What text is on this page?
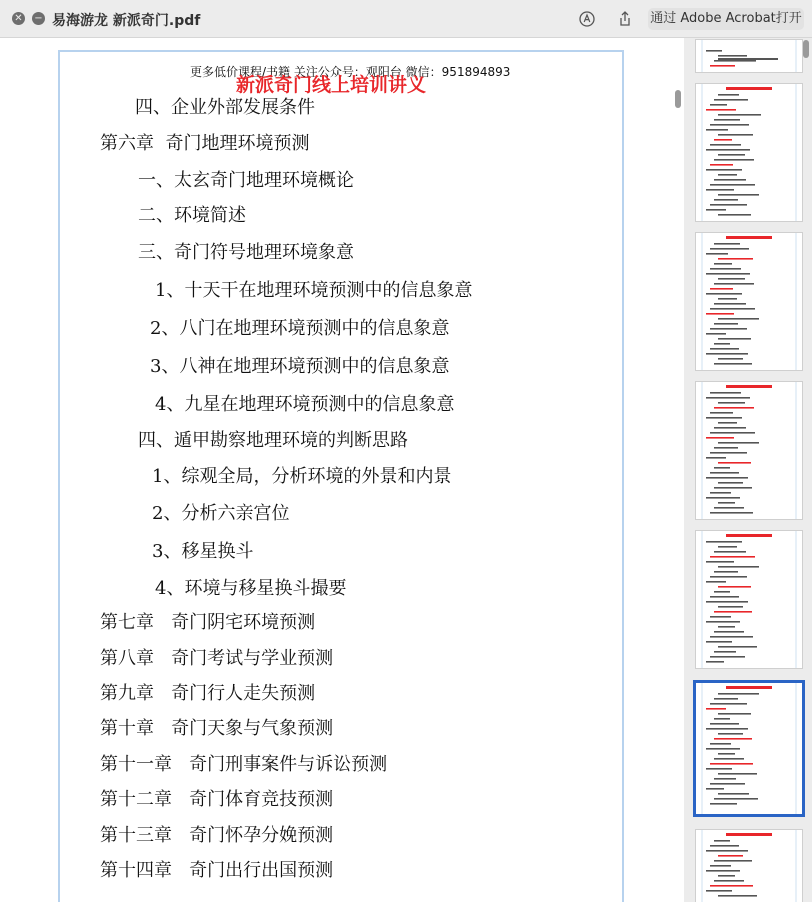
✕ − 易海游龙 新派奇门.pdf	通过 Adobe Acrobat打开
更多低价课程/书籍 关注公众号：观阳台 微信：951894893
新派奇门线上培训讲义
四、企业外部发展条件
第六章  奇门地理环境预测
一、太玄奇门地理环境概论
二、环境简述
三、奇门符号地理环境象意
1、十天干在地理环境预测中的信息象意
2、八门在地理环境预测中的信息象意
3、八神在地理环境预测中的信息象意
4、九星在地理环境预测中的信息象意
四、遁甲勘察地理环境的判断思路
1、综观全局，分析环境的外景和内景
2、分析六亲宫位
3、移星换斗
4、环境与移星换斗撮要
第七章   奇门阴宅环境预测
第八章   奇门考试与学业预测
第九章   奇门行人走失预测
第十章   奇门天象与气象预测
第十一章   奇门刑事案件与诉讼预测
第十二章   奇门体育竞技预测
第十三章   奇门怀孕分娩预测
第十四章   奇门出行出国预测
